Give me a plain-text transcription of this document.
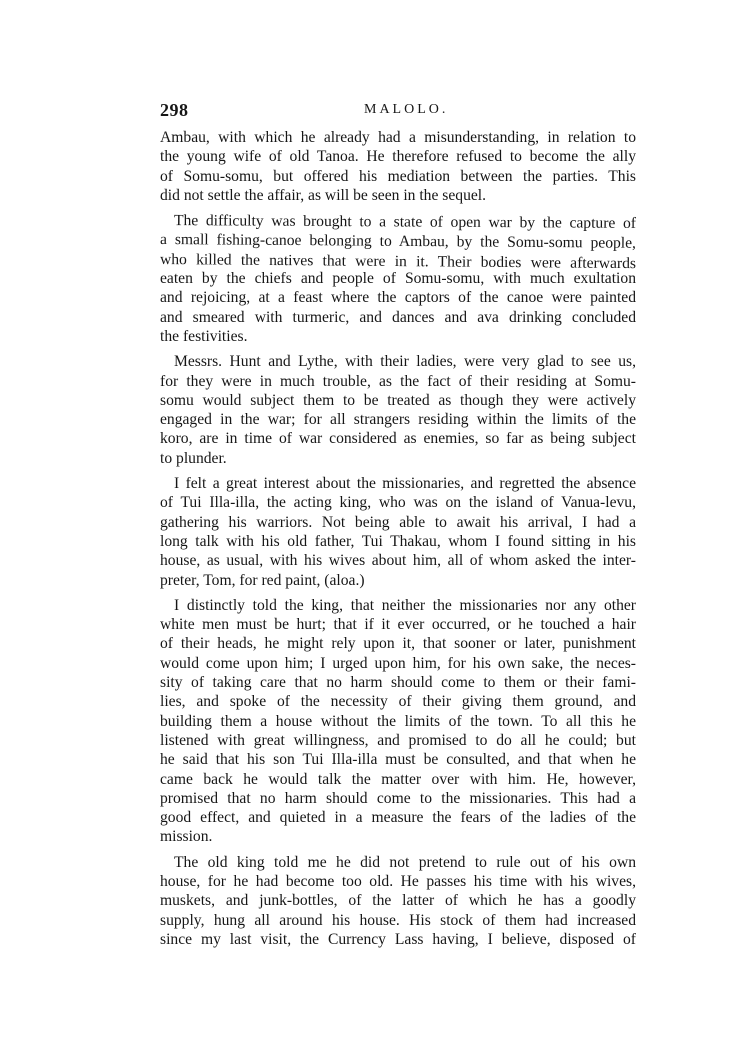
298	MALOLO.
Ambau, with which he already had a misunderstanding, in relation to
the young wife of old Tanoa. He therefore refused to become the ally
of Somu-somu, but offered his mediation between the parties. This
did not settle the affair, as will be seen in the sequel.
The difficulty was brought to a state of open war by the capture of
a small fishing-canoe belonging to Ambau, by the Somu-somu people,
who killed the natives that were in it. Their bodies were afterwards
eaten by the chiefs and people of Somu-somu, with much exultation
and rejoicing, at a feast where the captors of the canoe were painted
and smeared with turmeric, and dances and ava drinking concluded
the festivities.
Messrs. Hunt and Lythe, with their ladies, were very glad to see us,
for they were in much trouble, as the fact of their residing at Somu-
somu would subject them to be treated as though they were actively
engaged in the war; for all strangers residing within the limits of the
koro, are in time of war considered as enemies, so far as being subject
to plunder.
I felt a great interest about the missionaries, and regretted the absence
of Tui Illa-illa, the acting king, who was on the island of Vanua-levu,
gathering his warriors. Not being able to await his arrival, I had a
long talk with his old father, Tui Thakau, whom I found sitting in his
house, as usual, with his wives about him, all of whom asked the inter-
preter, Tom, for red paint, (aloa.)
I distinctly told the king, that neither the missionaries nor any other
white men must be hurt; that if it ever occurred, or he touched a hair
of their heads, he might rely upon it, that sooner or later, punishment
would come upon him; I urged upon him, for his own sake, the neces-
sity of taking care that no harm should come to them or their fami-
lies, and spoke of the necessity of their giving them ground, and
building them a house without the limits of the town. To all this he
listened with great willingness, and promised to do all he could; but
he said that his son Tui Illa-illa must be consulted, and that when he
came back he would talk the matter over with him. He, however,
promised that no harm should come to the missionaries. This had a
good effect, and quieted in a measure the fears of the ladies of the
mission.
The old king told me he did not pretend to rule out of his own
house, for he had become too old. He passes his time with his wives,
muskets, and junk-bottles, of the latter of which he has a goodly
supply, hung all around his house. His stock of them had increased
since my last visit, the Currency Lass having, I believe, disposed of
